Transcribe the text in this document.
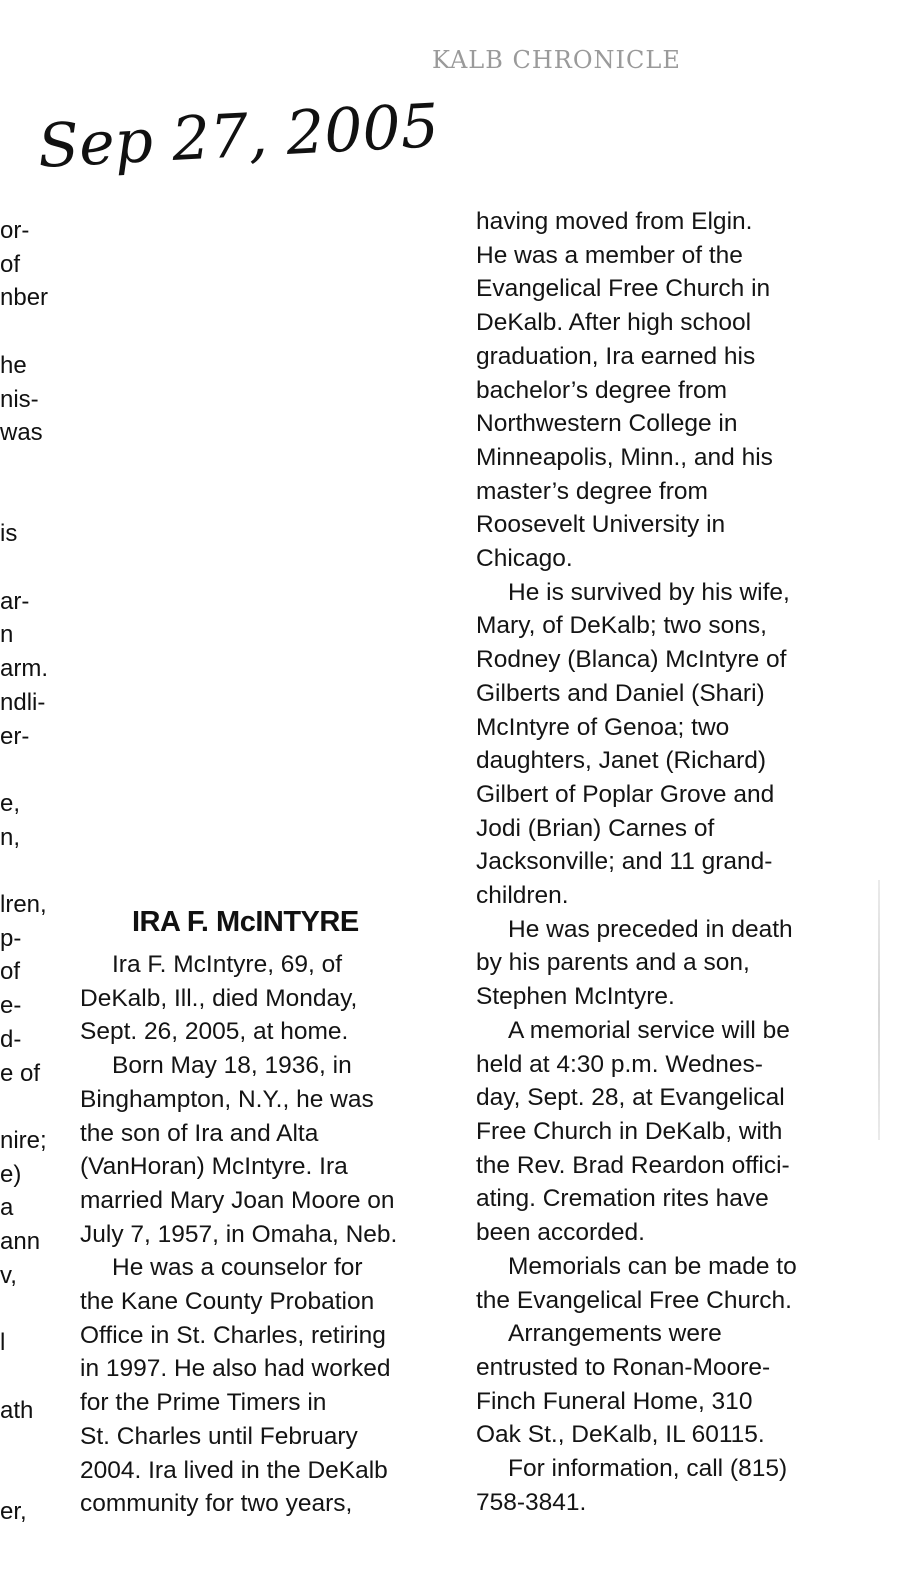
KALB CHRONICLE
Sep 27, 2005
or-
of
nber
he
nis-
was
is
ar-
n
arm.
ndli-
er-
e,
n,
lren,
p-
of
e-
d-
e of
nire;
e)
a
ann
v,
l
ath
er,
IRA F. McINTYRE

Ira F. McIntyre, 69, of
DeKalb, Ill., died Monday,
Sept. 26, 2005, at home.

Born May 18, 1936, in
Binghampton, N.Y., he was
the son of Ira and Alta
(VanHoran) McIntyre. Ira
married Mary Joan Moore on
July 7, 1957, in Omaha, Neb.

He was a counselor for
the Kane County Probation
Office in St. Charles, retiring
in 1997. He also had worked
for the Prime Timers in
St. Charles until February
2004. Ira lived in the DeKalb
community for two years,

having moved from Elgin.
He was a member of the
Evangelical Free Church in
DeKalb. After high school
graduation, Ira earned his
bachelor’s degree from
Northwestern College in
Minneapolis, Minn., and his
master’s degree from
Roosevelt University in
Chicago.

He is survived by his wife,
Mary, of DeKalb; two sons,
Rodney (Blanca) McIntyre of
Gilberts and Daniel (Shari)
McIntyre of Genoa; two
daughters, Janet (Richard)
Gilbert of Poplar Grove and
Jodi (Brian) Carnes of
Jacksonville; and 11 grand-
children.

He was preceded in death
by his parents and a son,
Stephen McIntyre.

A memorial service will be
held at 4:30 p.m. Wednes-
day, Sept. 28, at Evangelical
Free Church in DeKalb, with
the Rev. Brad Reardon offici-
ating. Cremation rites have
been accorded.

Memorials can be made to
the Evangelical Free Church.

Arrangements were
entrusted to Ronan-Moore-
Finch Funeral Home, 310
Oak St., DeKalb, IL 60115.

For information, call (815)
758-3841.
